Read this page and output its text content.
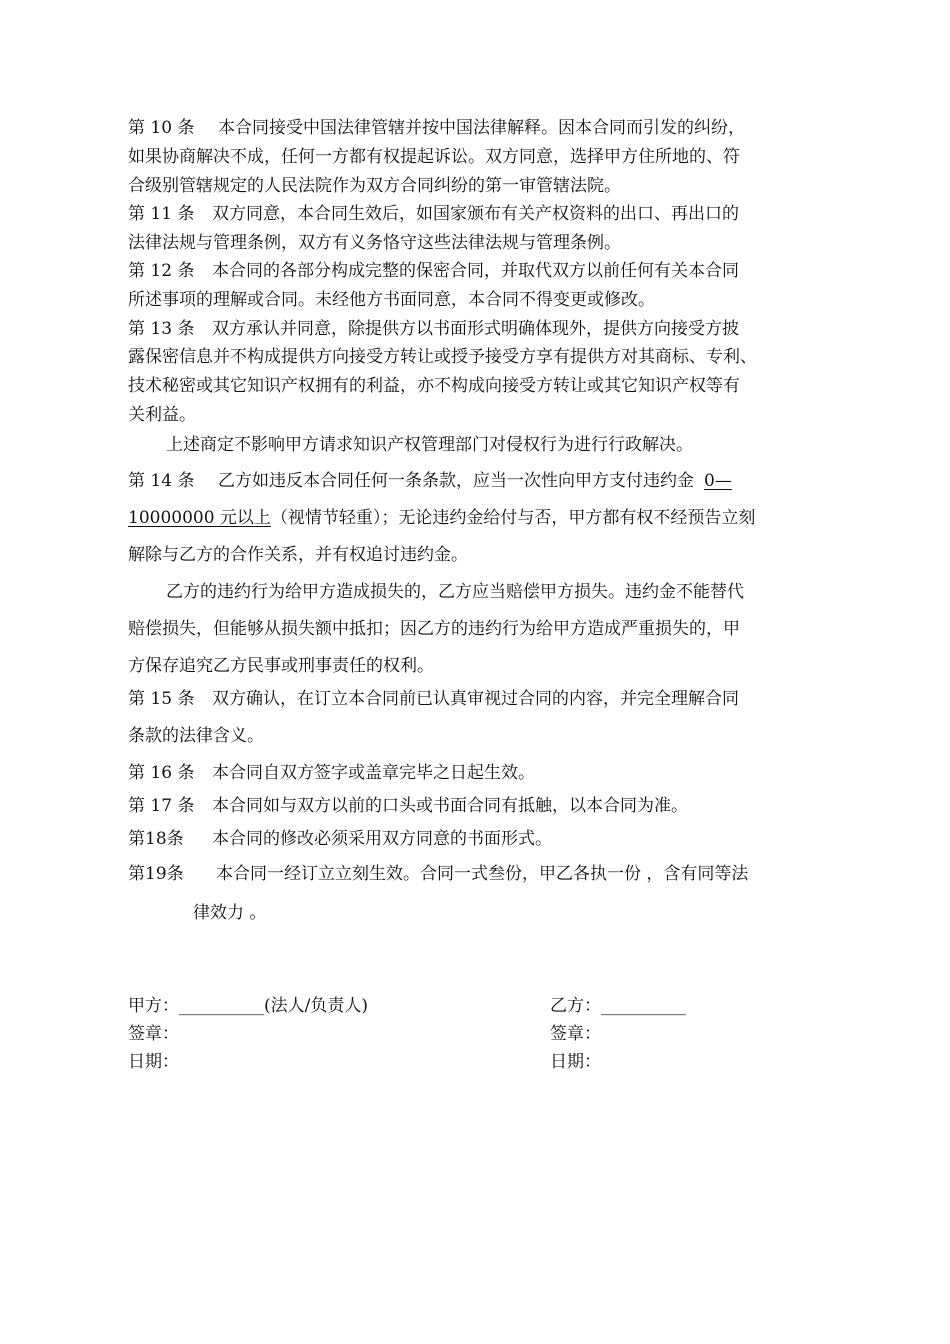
第 10 条 本合同接受中国法律管辖并按中国法律解释。因本合同而引发的纠纷，
如果协商解决不成，任何一方都有权提起诉讼。双方同意，选择甲方住所地的、符
合级别管辖规定的人民法院作为双方合同纠纷的第一审管辖法院。
第 11 条 双方同意，本合同生效后，如国家颁布有关产权资料的出口、再出口的
法律法规与管理条例，双方有义务恪守这些法律法规与管理条例。
第 12 条 本合同的各部分构成完整的保密合同，并取代双方以前任何有关本合同
所述事项的理解或合同。未经他方书面同意，本合同不得变更或修改。
第 13 条 双方承认并同意，除提供方以书面形式明确体现外，提供方向接受方披
露保密信息并不构成提供方向接受方转让或授予接受方享有提供方对其商标、专利、
技术秘密或其它知识产权拥有的利益，亦不构成向接受方转让或其它知识产权等有
关利益。
上述商定不影响甲方请求知识产权管理部门对侵权行为进行行政解决。
第 14 条 乙方如违反本合同任何一条条款，应当一次性向甲方支付违约金 0—
10000000 元以上（视情节轻重）；无论违约金给付与否，甲方都有权不经预告立刻
解除与乙方的合作关系，并有权追讨违约金。
乙方的违约行为给甲方造成损失的，乙方应当赔偿甲方损失。违约金不能替代
赔偿损失，但能够从损失额中抵扣；因乙方的违约行为给甲方造成严重损失的，甲
方保存追究乙方民事或刑事责任的权利。
第 15 条 双方确认，在订立本合同前已认真审视过合同的内容，并完全理解合同
条款的法律含义。
第 16 条 本合同自双方签字或盖章完毕之日起生效。
第 17 条 本合同如与双方以前的口头或书面合同有抵触，以本合同为准。
第18条 本合同的修改必须采用双方同意的书面形式。
第19条 本合同一经订立立刻生效。合同一式叁份，甲乙各执一份 ，含有同等法
律效力 。
甲方：__________(法人/负责人)
签章：
日期：
乙方：__________
签章：
日期：
